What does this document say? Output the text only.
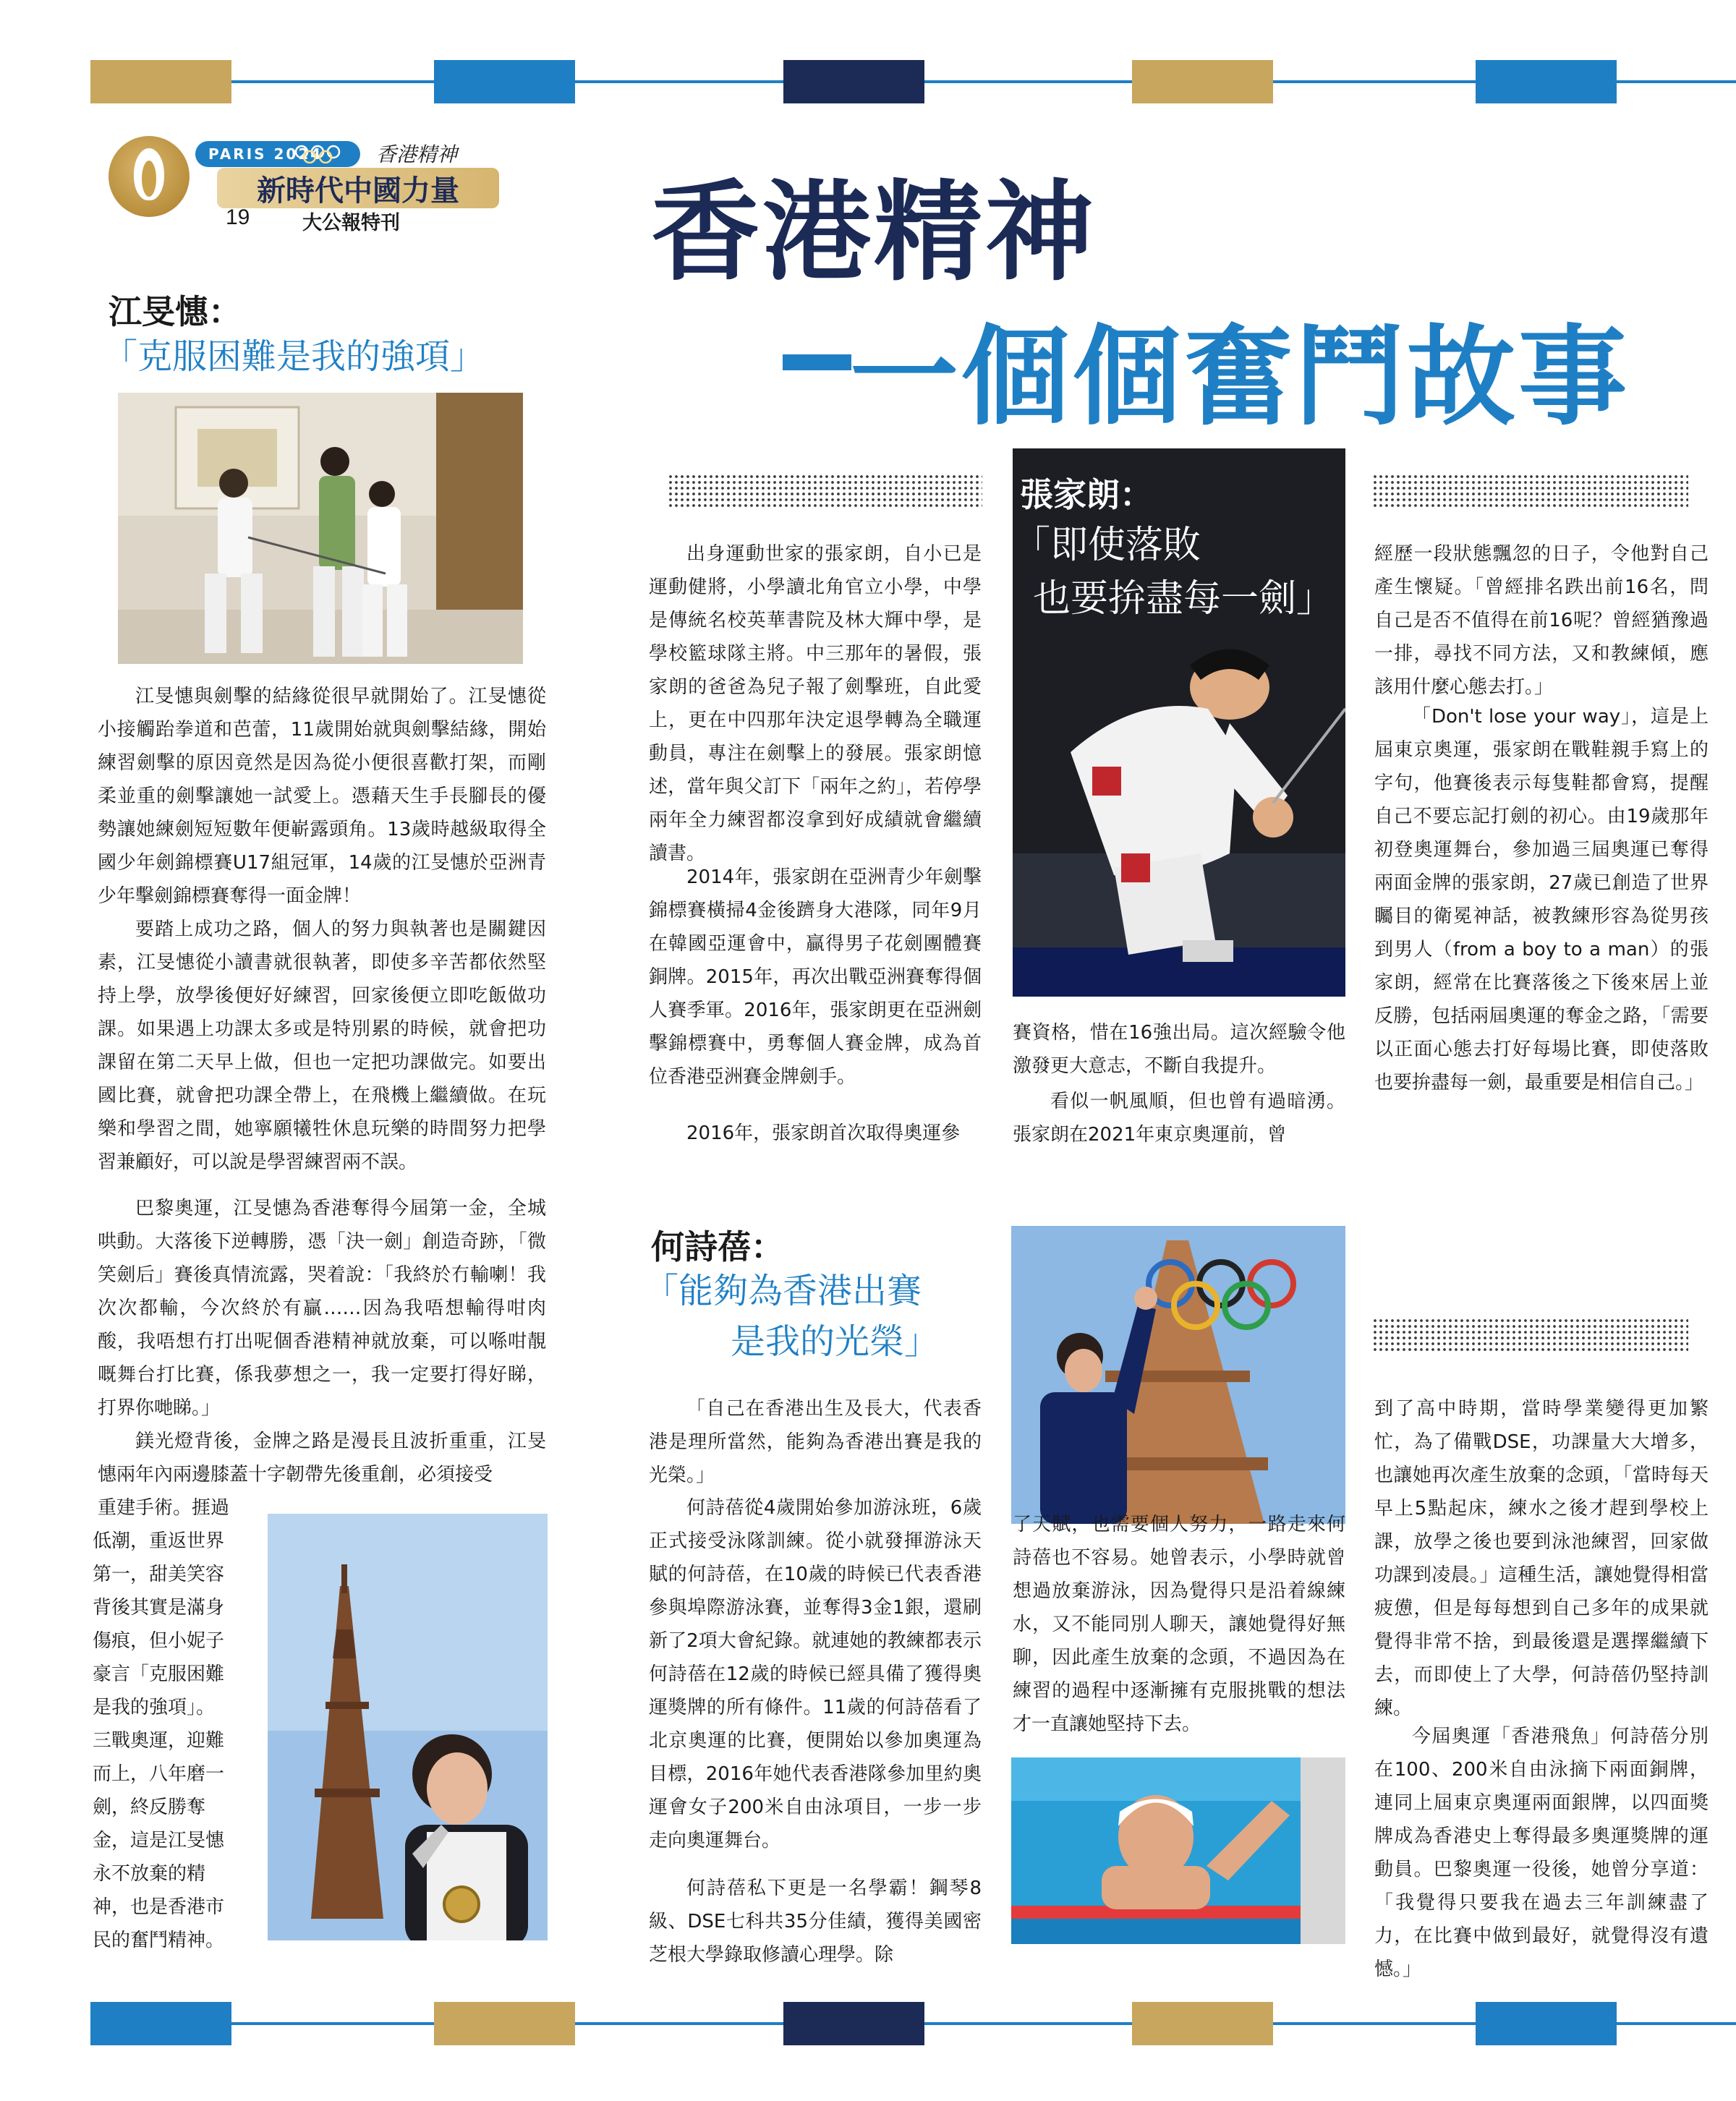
PARIS 2024	香港精神
新時代中國力量
19	大公報特刊 香港精神
一個個奮鬥故事
江旻憓：
「克服困難是我的強項」

江旻憓與劍擊的結緣從很早就開始了。江旻憓從小接觸跆拳道和芭蕾，11歲開始就與劍擊結緣，開始練習劍擊的原因竟然是因為從小便很喜歡打架，而剛柔並重的劍擊讓她一試愛上。憑藉天生手長腳長的優勢讓她練劍短短數年便嶄露頭角。13歲時越級取得全國少年劍錦標賽U17組冠軍，14歲的江旻憓於亞洲青少年擊劍錦標賽奪得一面金牌！

要踏上成功之路，個人的努力與執著也是關鍵因素，江旻憓從小讀書就很執著，即使多辛苦都依然堅持上學，放學後便好好練習，回家後便立即吃飯做功課。如果遇上功課太多或是特別累的時候，就會把功課留在第二天早上做，但也一定把功課做完。如要出國比賽，就會把功課全帶上，在飛機上繼續做。在玩樂和學習之間，她寧願犧牲休息玩樂的時間努力把學習兼顧好，可以說是學習練習兩不誤。

巴黎奧運，江旻憓為香港奪得今屆第一金，全城哄動。大落後下逆轉勝，憑「決一劍」創造奇跡，「微笑劍后」賽後真情流露，哭着說：「我終於冇輸喇！我次次都輸，今次終於有贏……因為我唔想輸得咁肉酸，我唔想冇打出呢個香港精神就放棄，可以喺咁靚嘅舞台打比賽，係我夢想之一，我一定要打得好睇，打界你哋睇。」

鎂光燈背後，金牌之路是漫長且波折重重，江旻憓兩年內兩邊膝蓋十字韌帶先後重創，必須接受

重建手術。捱過

低潮，重返世界

第一，甜美笑容

背後其實是滿身

傷痕，但小妮子

豪言「克服困難

是我的強項」。

三戰奧運，迎難

而上，八年磨一

劍，終反勝奪

金，這是江旻憓

永不放棄的精

神，也是香港市

民的奮鬥精神。

張家朗：
「即使落敗
也要拚盡每一劍」

出身運動世家的張家朗，自小已是運動健將，小學讀北角官立小學，中學是傳統名校英華書院及林大輝中學，是學校籃球隊主將。中三那年的暑假，張家朗的爸爸為兒子報了劍擊班，自此愛上，更在中四那年決定退學轉為全職運動員，專注在劍擊上的發展。張家朗憶述，當年與父訂下「兩年之約」，若停學兩年全力練習都沒拿到好成績就會繼續讀書。

2014年，張家朗在亞洲青少年劍擊錦標賽橫掃4金後躋身大港隊，同年9月在韓國亞運會中，贏得男子花劍團體賽銅牌。2015年，再次出戰亞洲賽奪得個人賽季軍。2016年，張家朗更在亞洲劍擊錦標賽中，勇奪個人賽金牌，成為首位香港亞洲賽金牌劍手。

2016年，張家朗首次取得奧運參

賽資格，惜在16強出局。這次經驗令他激發更大意志，不斷自我提升。

看似一帆風順，但也曾有過暗湧。張家朗在2021年東京奧運前，曾

經歷一段狀態飄忽的日子，令他對自己產生懷疑。「曾經排名跌出前16名，問自己是否不值得在前16呢？曾經猶豫過一排，尋找不同方法，又和教練傾，應該用什麼心態去打。」

「Don't lose your way」，這是上屆東京奧運，張家朗在戰鞋親手寫上的字句，他賽後表示每隻鞋都會寫，提醒自己不要忘記打劍的初心。由19歲那年初登奧運舞台，參加過三屆奧運已奪得兩面金牌的張家朗，27歲已創造了世界矚目的衛冕神話，被教練形容為從男孩到男人（from a boy to a man）的張家朗，經常在比賽落後之下後來居上並反勝，包括兩屆奧運的奪金之路，「需要以正面心態去打好每場比賽，即使落敗也要拚盡每一劍，最重要是相信自己。」

何詩蓓：
「能夠為香港出賽
是我的光榮」

「自己在香港出生及長大，代表香港是理所當然，能夠為香港出賽是我的光榮。」

何詩蓓從4歲開始參加游泳班，6歲正式接受泳隊訓練。從小就發揮游泳天賦的何詩蓓，在10歲的時候已代表香港參與埠際游泳賽，並奪得3金1銀，還刷新了2項大會紀錄。就連她的教練都表示何詩蓓在12歲的時候已經具備了獲得奧運獎牌的所有條件。11歲的何詩蓓看了北京奧運的比賽，便開始以參加奧運為目標，2016年她代表香港隊參加里約奧運會女子200米自由泳項目，一步一步走向奧運舞台。

何詩蓓私下更是一名學霸！鋼琴8級、DSE七科共35分佳績，獲得美國密芝根大學錄取修讀心理學。除

了天賦，也需要個人努力，一路走來何詩蓓也不容易。她曾表示，小學時就曾想過放棄游泳，因為覺得只是沿着線練水，又不能同別人聊天，讓她覺得好無聊，因此產生放棄的念頭，不過因為在練習的過程中逐漸擁有克服挑戰的想法才一直讓她堅持下去。

到了高中時期，當時學業變得更加繁忙，為了備戰DSE，功課量大大增多，也讓她再次產生放棄的念頭，「當時每天早上5點起床，練水之後才趕到學校上課，放學之後也要到泳池練習，回家做功課到凌晨。」這種生活，讓她覺得相當疲憊，但是每每想到自己多年的成果就覺得非常不捨，到最後還是選擇繼續下去，而即使上了大學，何詩蓓仍堅持訓練。

今屆奧運「香港飛魚」何詩蓓分別在100、200米自由泳摘下兩面銅牌，連同上屆東京奧運兩面銀牌，以四面獎牌成為香港史上奪得最多奧運獎牌的運動員。巴黎奧運一役後，她曾分享道：「我覺得只要我在過去三年訓練盡了力，在比賽中做到最好，就覺得沒有遺憾。」
